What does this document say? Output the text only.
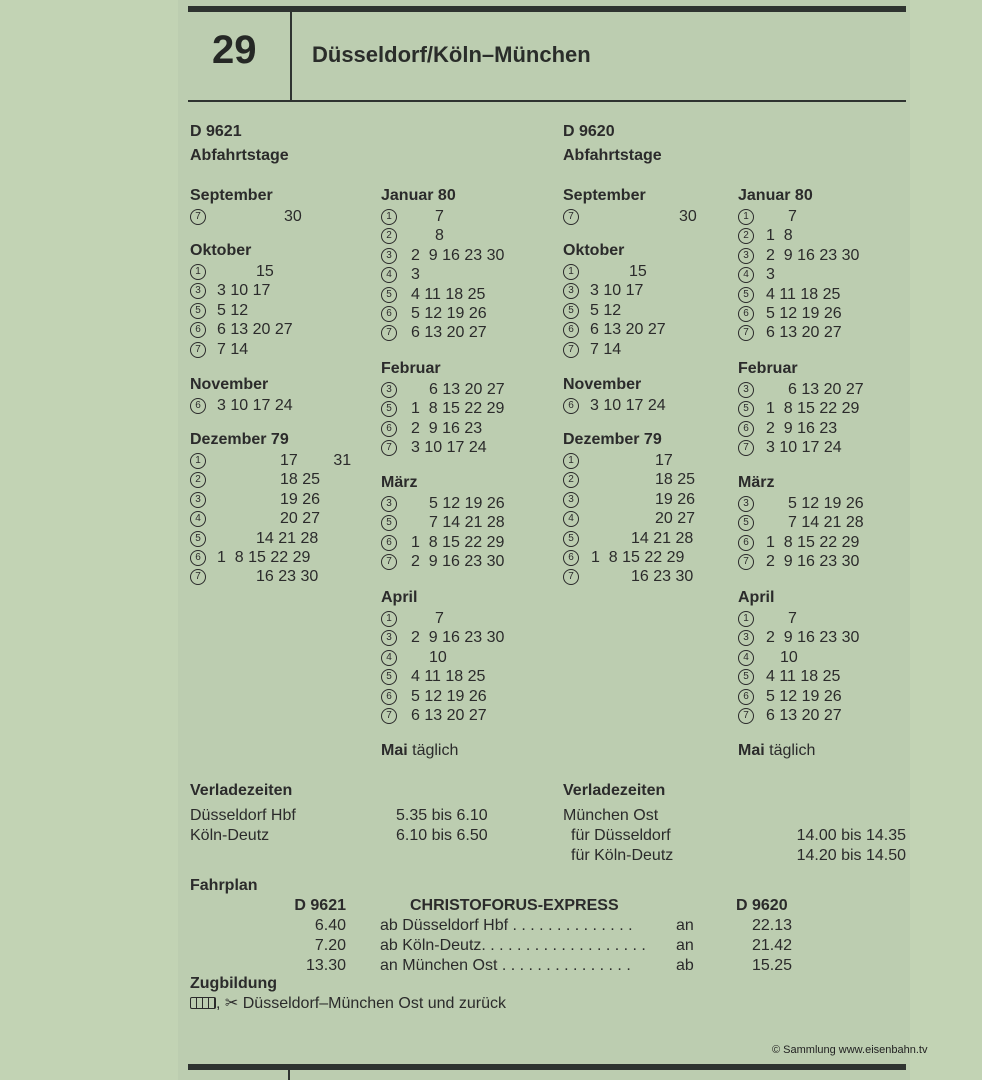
29	Düsseldorf/Köln–München
D 9621
Abfahrtstage
D 9620
Abfahrtstage
September
7	30
Oktober
1	15
3	3 10 17
5	5 12
6	6 13 20 27
7	7 14
November
6	3 10 17 24
Dezember 79
1	17        31
2	18 25
3	19 26
4	20 27
5	14 21 28
6	1  8 15 22 29
7	16 23 30
Januar 80
1	7
2	8
3	2  9 16 23 30
4	3
5	4 11 18 25
6	5 12 19 26
7	6 13 20 27
Februar
3	6 13 20 27
5	1  8 15 22 29
6	2  9 16 23
7	3 10 17 24
März
3	5 12 19 26
5	7 14 21 28
6	1  8 15 22 29
7	2  9 16 23 30
April
1	7
3	2  9 16 23 30
4	10
5	4 11 18 25
6	5 12 19 26
7	6 13 20 27
September
7	30
Oktober
1	15
3	3 10 17
5	5 12
6	6 13 20 27
7	7 14
November
6	3 10 17 24
Dezember 79
1	17
2	18 25
3	19 26
4	20 27
5	14 21 28
6	1  8 15 22 29
7	16 23 30
Januar 80
1	7
2	1  8
3	2  9 16 23 30
4	3
5	4 11 18 25
6	5 12 19 26
7	6 13 20 27
Februar
3	6 13 20 27
5	1  8 15 22 29
6	2  9 16 23
7	3 10 17 24
März
3	5 12 19 26
5	7 14 21 28
6	1  8 15 22 29
7	2  9 16 23 30
April
1	7
3	2  9 16 23 30
4	10
5	4 11 18 25
6	5 12 19 26
7	6 13 20 27
Mai täglich	Mai täglich
Verladezeiten
Düsseldorf Hbf	5.35 bis 6.10
Köln-Deutz	6.10 bis 6.50
Verladezeiten
München Ost
für Düsseldorf	14.00 bis 14.35
für Köln-Deutz	14.20 bis 14.50
Fahrplan
D 9621	CHRISTOFORUS-EXPRESS	D 9620
6.40 ab Düsseldorf Hbf . . . . . . . . . . . . . .	an	22.13
7.20 ab Köln-Deutz. . . . . . . . . . . . . . . . . . . an	21.42
13.30 an München Ost . . . . . . . . . . . . . . .	ab	15.25
Zugbildung
, ✂ Düsseldorf–München Ost und zurück
© Sammlung www.eisenbahn.tv
